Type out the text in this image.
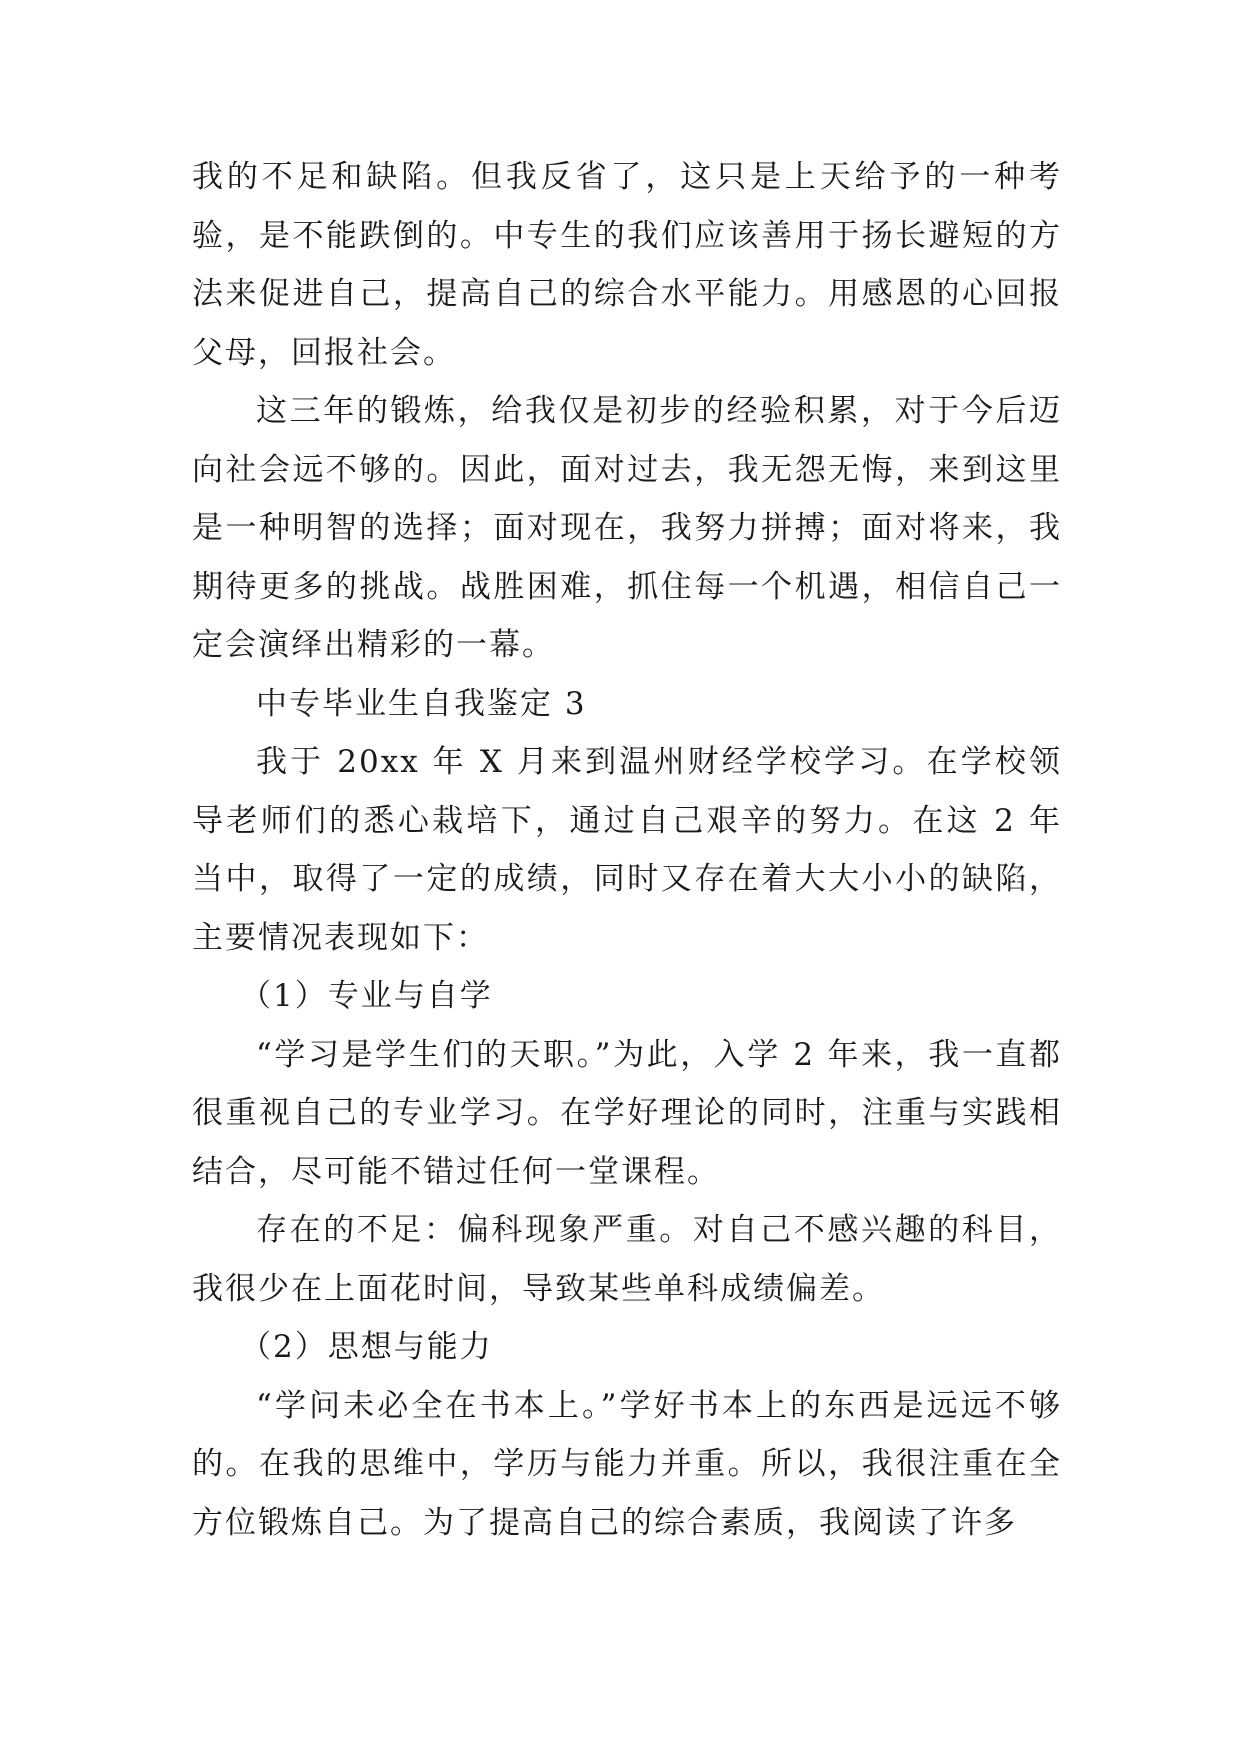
我的不足和缺陷。但我反省了，这只是上天给予的一种考验，是不能跌倒的。中专生的我们应该善用于扬长避短的方法来促进自己，提高自己的综合水平能力。用感恩的心回报父母，回报社会。

这三年的锻炼，给我仅是初步的经验积累，对于今后迈向社会远不够的。因此，面对过去，我无怨无悔，来到这里是一种明智的选择；面对现在，我努力拼搏；面对将来，我期待更多的挑战。战胜困难，抓住每一个机遇，相信自己一定会演绎出精彩的一幕。

中专毕业生自我鉴定 3

我于 20xx 年 X 月来到温州财经学校学习。在学校领导老师们的悉心栽培下，通过自己艰辛的努力。在这 2 年当中，取得了一定的成绩，同时又存在着大大小小的缺陷，主要情况表现如下：

（1）专业与自学

“学习是学生们的天职。”为此，入学 2 年来，我一直都很重视自己的专业学习。在学好理论的同时，注重与实践相结合，尽可能不错过任何一堂课程。

存在的不足：偏科现象严重。对自己不感兴趣的科目，我很少在上面花时间，导致某些单科成绩偏差。

（2）思想与能力

“学问未必全在书本上。”学好书本上的东西是远远不够的。在我的思维中，学历与能力并重。所以，我很注重在全方位锻炼自己。为了提高自己的综合素质，我阅读了许多
